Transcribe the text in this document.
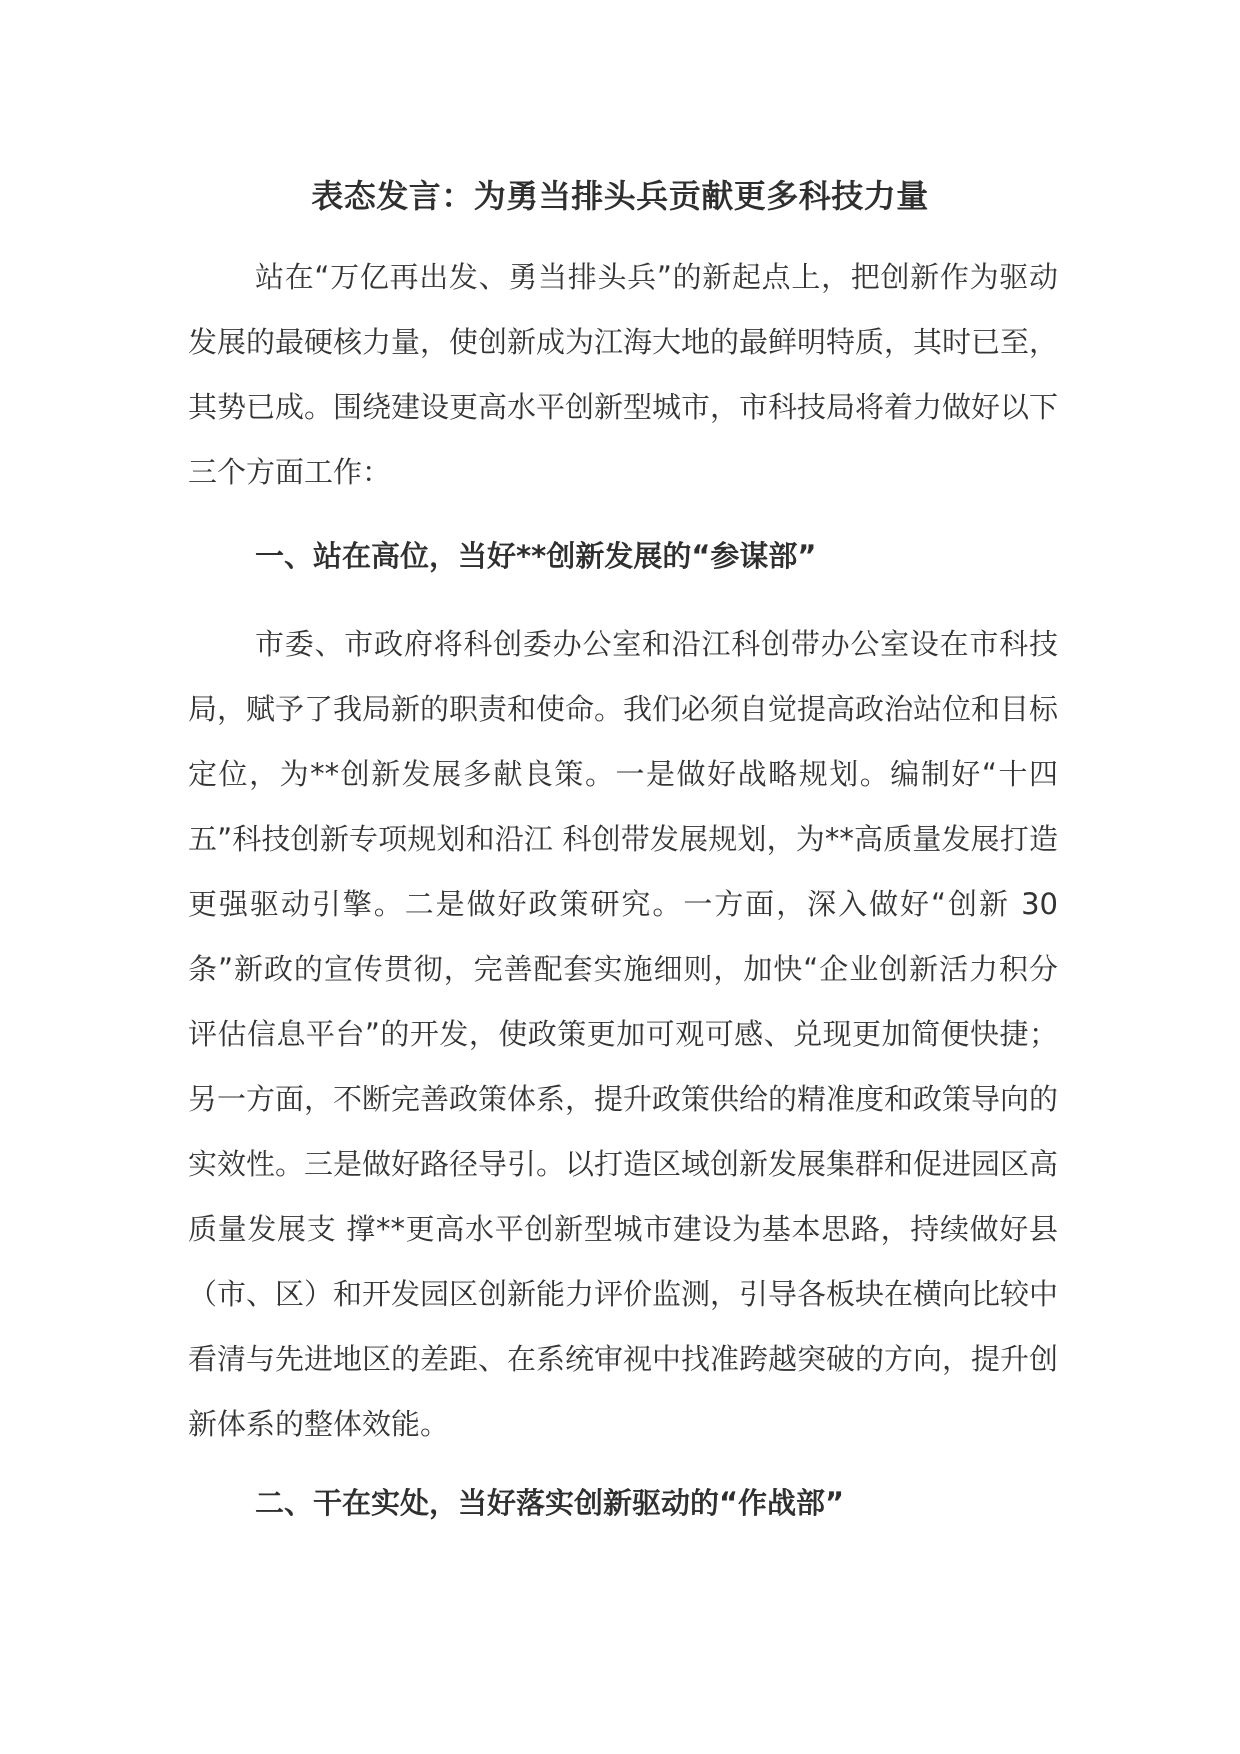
表态发言：为勇当排头兵贡献更多科技力量
站在“万亿再出发、勇当排头兵”的新起点上，把创新作为驱动发展的最硬核力量，使创新成为江海大地的最鲜明特质，其时已至，其势已成。围绕建设更高水平创新型城市，市科技局将着力做好以下三个方面工作：
一、站在高位，当好**创新发展的“参谋部”
市委、市政府将科创委办公室和沿江科创带办公室设在市科技局，赋予了我局新的职责和使命。我们必须自觉提高政治站位和目标定位，为**创新发展多献良策。一是做好战略规划。编制好“十四五”科技创新专项规划和沿江 科创带发展规划，为**高质量发展打造更强驱动引擎。二是做好政策研究。一方面，深入做好“创新 30 条”新政的宣传贯彻，完善配套实施细则，加快“企业创新活力积分评估信息平台”的开发，使政策更加可观可感、兑现更加简便快捷；另一方面，不断完善政策体系，提升政策供给的精准度和政策导向的实效性。三是做好路径导引。以打造区域创新发展集群和促进园区高质量发展支 撑**更高水平创新型城市建设为基本思路，持续做好县（市、区）和开发园区创新能力评价监测，引导各板块在横向比较中看清与先进地区的差距、在系统审视中找准跨越突破的方向，提升创新体系的整体效能。
二、干在实处，当好落实创新驱动的“作战部”
